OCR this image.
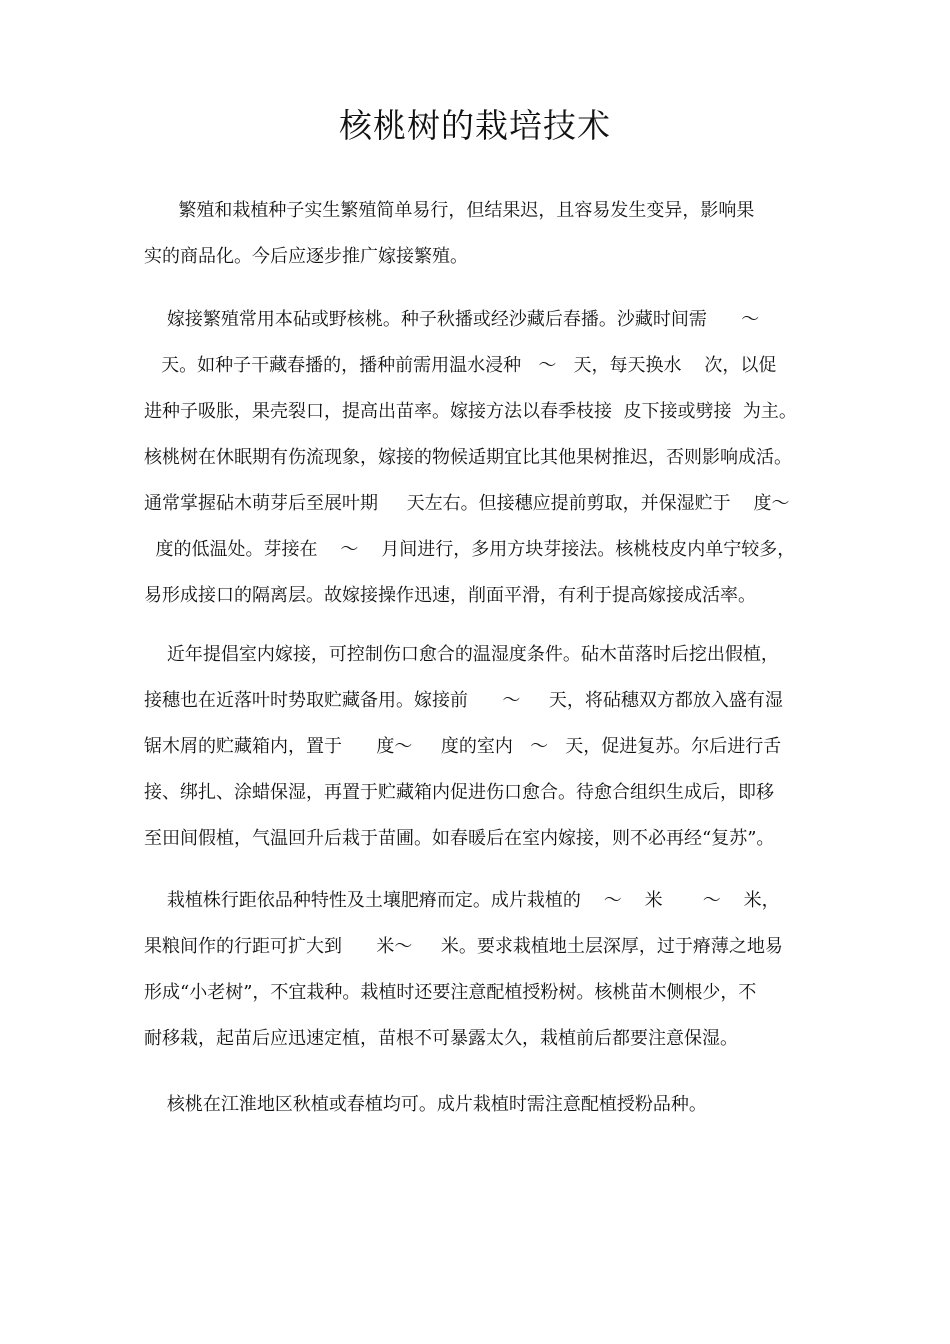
核桃树的栽培技术
繁殖和栽植种子实生繁殖简单易行，但结果迟，且容易发生变异，影响果
实的商品化。今后应逐步推广嫁接繁殖。
嫁接繁殖常用本砧或野核桃。种子秋播或经沙藏后春播。沙藏时间需      ～
天。如种子干藏春播的，播种前需用温水浸种   ～   天，每天换水    次，以促
进种子吸胀，果壳裂口，提高出苗率。嫁接方法以春季枝接  皮下接或劈接  为主。
核桃树在休眠期有伤流现象，嫁接的物候适期宜比其他果树推迟，否则影响成活。
通常掌握砧木萌芽后至展叶期     天左右。但接穗应提前剪取，并保湿贮于    度～
度的低温处。芽接在    ～    月间进行，多用方块芽接法。核桃枝皮内单宁较多，
易形成接口的隔离层。故嫁接操作迅速，削面平滑，有利于提高嫁接成活率。
近年提倡室内嫁接，可控制伤口愈合的温湿度条件。砧木苗落时后挖出假植，
接穗也在近落叶时势取贮藏备用。嫁接前      ～     天，将砧穗双方都放入盛有湿
锯木屑的贮藏箱内，置于      度～     度的室内   ～   天，促进复苏。尔后进行舌
接、绑扎、涂蜡保湿，再置于贮藏箱内促进伤口愈合。待愈合组织生成后，即移
至田间假植，气温回升后栽于苗圃。如春暖后在室内嫁接，则不必再经“复苏”。
栽植株行距依品种特性及土壤肥瘠而定。成片栽植的    ～    米       ～    米，
果粮间作的行距可扩大到      米～     米。要求栽植地土层深厚，过于瘠薄之地易
形成“小老树”，不宜栽种。栽植时还要注意配植授粉树。核桃苗木侧根少，不
耐移栽，起苗后应迅速定植，苗根不可暴露太久，栽植前后都要注意保湿。
核桃在江淮地区秋植或春植均可。成片栽植时需注意配植授粉品种。
